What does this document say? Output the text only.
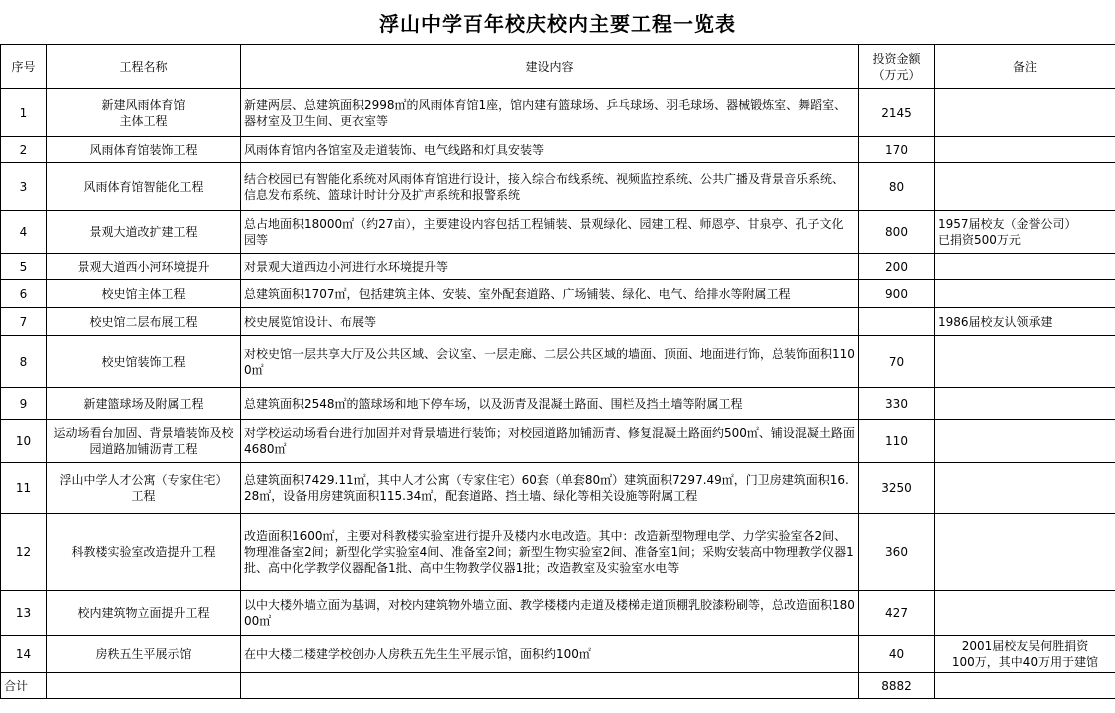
浮山中学百年校庆校内主要工程一览表
序号	工程名称	建设内容	投资金额
（万元）	备注
1	新建风雨体育馆
主体工程	新建两层、总建筑面积2998㎡的风雨体育馆1座，馆内建有篮球场、乒乓球场、羽毛球场、器械锻炼室、舞蹈室、器材室及卫生间、更衣室等	2145	
2	风雨体育馆装饰工程	风雨体育馆内各馆室及走道装饰、电气线路和灯具安装等	170	
3	风雨体育馆智能化工程	结合校园已有智能化系统对风雨体育馆进行设计，接入综合布线系统、视频监控系统、公共广播及背景音乐系统、信息发布系统、篮球计时计分及扩声系统和报警系统	80	
4	景观大道改扩建工程	总占地面积18000㎡（约27亩），主要建设内容包括工程铺装、景观绿化、园建工程、师恩亭、甘泉亭、孔子文化园等	800	1957届校友（金誉公司）
已捐资500万元
5	景观大道西小河环境提升	对景观大道西边小河进行水环境提升等	200	
6	校史馆主体工程	总建筑面积1707㎡，包括建筑主体、安装、室外配套道路、广场铺装、绿化、电气、给排水等附属工程	900	
7	校史馆二层布展工程	校史展览馆设计、布展等		1986届校友认领承建
8	校史馆装饰工程	对校史馆一层共享大厅及公共区域、会议室、一层走廊、二层公共区域的墙面、顶面、地面进行饰，总装饰面积1100㎡	70	
9	新建篮球场及附属工程	总建筑面积2548㎡的篮球场和地下停车场，以及沥青及混凝土路面、围栏及挡土墙等附属工程	330	
10	运动场看台加固、背景墙装饰及校园道路加铺沥青工程	对学校运动场看台进行加固并对背景墙进行装饰；对校园道路加铺沥青、修复混凝土路面约500㎡、铺设混凝土路面4680㎡	110	
11	浮山中学人才公寓（专家住宅）
工程	总建筑面积7429.11㎡，其中人才公寓（专家住宅）60套（单套80㎡）建筑面积7297.49㎡，门卫房建筑面积16.28㎡，设备用房建筑面积115.34㎡，配套道路、挡土墙、绿化等相关设施等附属工程	3250	
12	科教楼实验室改造提升工程	改造面积1600㎡，主要对科教楼实验室进行提升及楼内水电改造。其中：改造新型物理电学、力学实验室各2间、物理准备室2间；新型化学实验室4间、准备室2间；新型生物实验室2间、准备室1间；采购安装高中物理教学仪器1批、高中化学教学仪器配备1批、高中生物教学仪器1批；改造教室及实验室水电等	360	
13	校内建筑物立面提升工程	以中大楼外墙立面为基调，对校内建筑物外墙立面、教学楼楼内走道及楼梯走道顶棚乳胶漆粉刷等，总改造面积18000㎡	427	
14	房秩五生平展示馆	在中大楼二楼建学校创办人房秩五先生生平展示馆，面积约100㎡	40	2001届校友吴何胜捐资
100万，其中40万用于建馆
合计			8882	
